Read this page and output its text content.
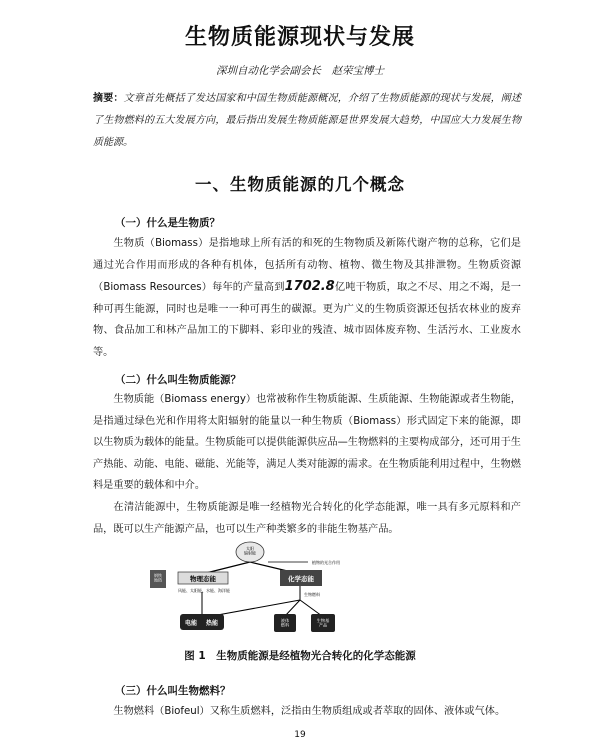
生物质能源现状与发展
深圳自动化学会副会长　赵荣宝博士
摘要：文章首先概括了发达国家和中国生物质能源概况，介绍了生物质能源的现状与发展，阐述了生物燃料的五大发展方向，最后指出发展生物质能源是世界发展大趋势，中国应大力发展生物质能源。
一、生物质能源的几个概念
（一）什么是生物质？
生物质（Biomass）是指地球上所有活的和死的生物物质及新陈代谢产物的总称，它们是通过光合作用而形成的各种有机体，包括所有动物、植物、微生物及其排泄物。生物质资源（Biomass Resources）每年的产量高到1702.8亿吨干物质，取之不尽、用之不竭，是一种可再生能源，同时也是唯一一种可再生的碳源。更为广义的生物质资源还包括农林业的废弃物、食品加工和林产品加工的下脚料、彩印业的残渣、城市固体废弃物、生活污水、工业废水等。
（二）什么叫生物质能源？
生物质能（Biomass energy）也常被称作生物质能源、生质能源、生物能源或者生物能，是指通过绿色光和作用将太阳辐射的能量以一种生物质（Biomass）形式固定下来的能源，即以生物质为载体的能量。生物质能可以提供能源供应品—生物燃料的主要构成部分，还可用于生产热能、动能、电能、磁能、光能等，满足人类对能源的需求。在生物质能利用过程中，生物燃料是重要的载体和中介。
在清洁能源中，生物质能源是唯一经植物光合转化的化学态能源，唯一具有多元原料和产品，既可以生产能源产品，也可以生产种类繁多的非能生物基产品。
太阳辐射能
植物的光合作用
钢铁地热	物理态能
风能、太阳能、水能、海洋能
化学态能
生物燃料
电能 热能	液体燃料
生物基产品
图 1　生物质能源是经植物光合转化的化学态能源
（三）什么叫生物燃料？
生物燃料（Biofeul）又称生质燃料，泛指由生物质组成或者萃取的固体、液体或气体。
19
